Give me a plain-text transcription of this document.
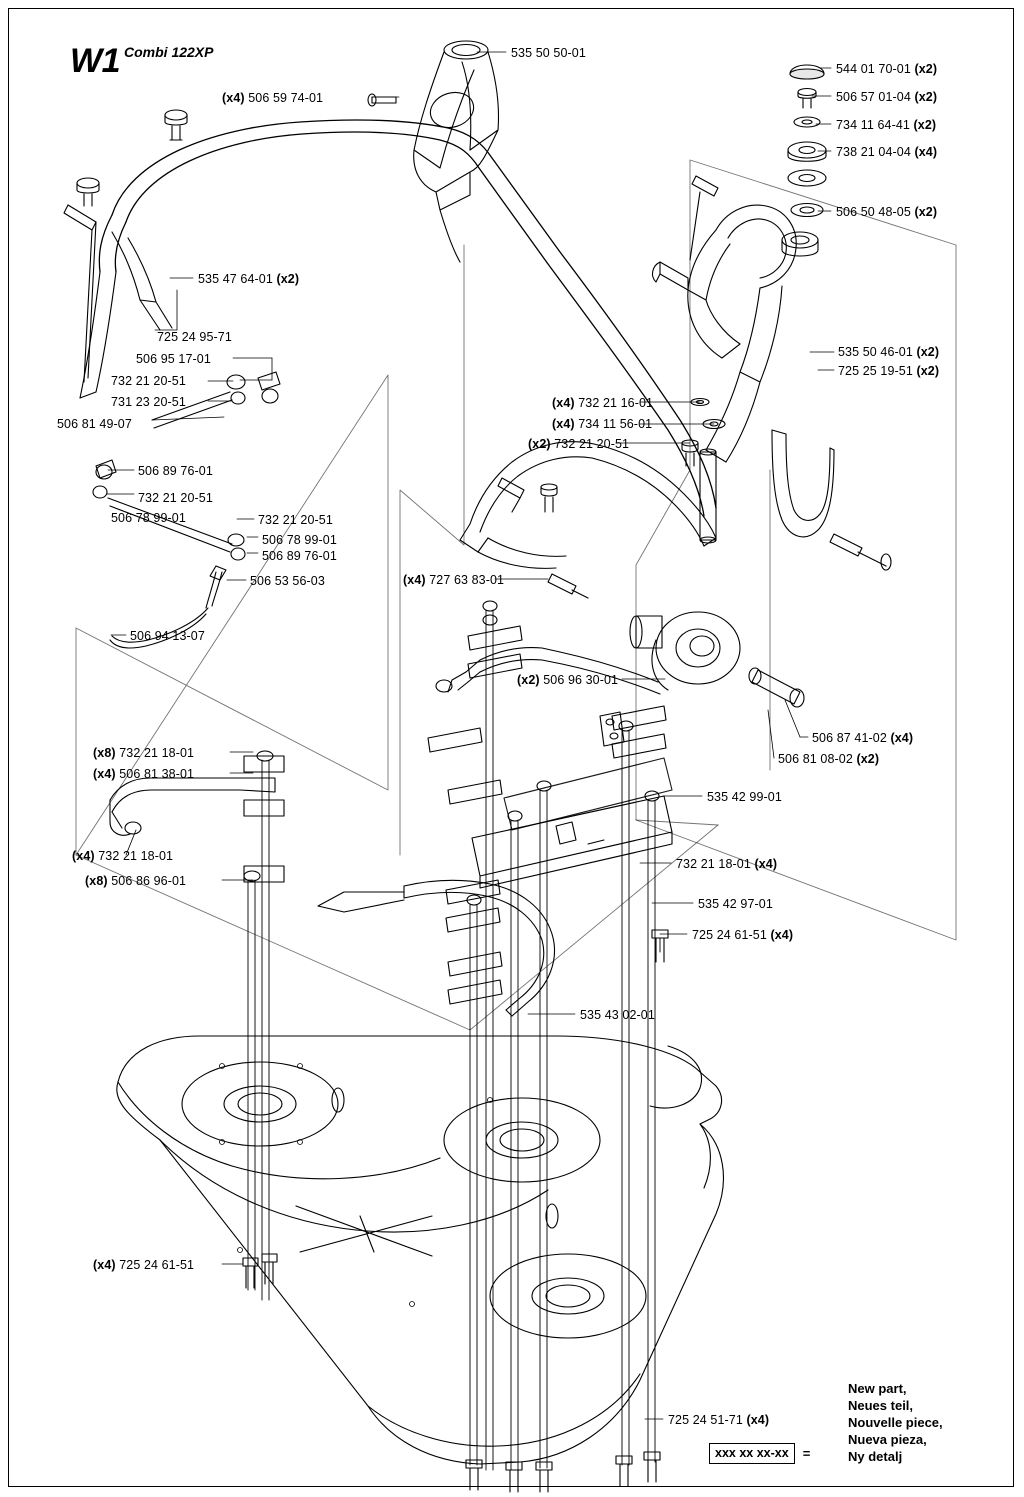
W1 Combi 122XP	535 50 50-01
(x4) 506 59 74-01
544 01 70-01 (x2)
506 57 01-04 (x2)
734 11 64-41 (x2)
738 21 04-04 (x4)
506 50 48-05 (x2)
535 47 64-01 (x2)
725 24 95-71
506 95 17-01
732 21 20-51
731 23 20-51
506 81 49-07
506 89 76-01
732 21 20-51
506 78 99-01	732 21 20-51
506 78 99-01
506 89 76-01
506 53 56-03
506 94 13-07
535 50 46-01 (x2)
725 25 19-51 (x2)
(x4) 732 21 16-01
(x4) 734 11 56-01
(x2) 732 21 20-51
(x4) 727 63 83-01
(x2) 506 96 30-01
506 87 41-02 (x4)
506 81 08-02 (x2)
(x8) 732 21 18-01
(x4) 506 81 38-01
(x4) 732 21 18-01
(x8) 506 86 96-01
535 42 99-01
732 21 18-01 (x4)
535 42 97-01
725 24 61-51 (x4)
535 43 02-01
(x4) 725 24 61-51
725 24 51-71 (x4)
New part,
Neues teil,
Nouvelle piece,
Nueva pieza,
Ny detalj
xxx xx xx-xx	=
